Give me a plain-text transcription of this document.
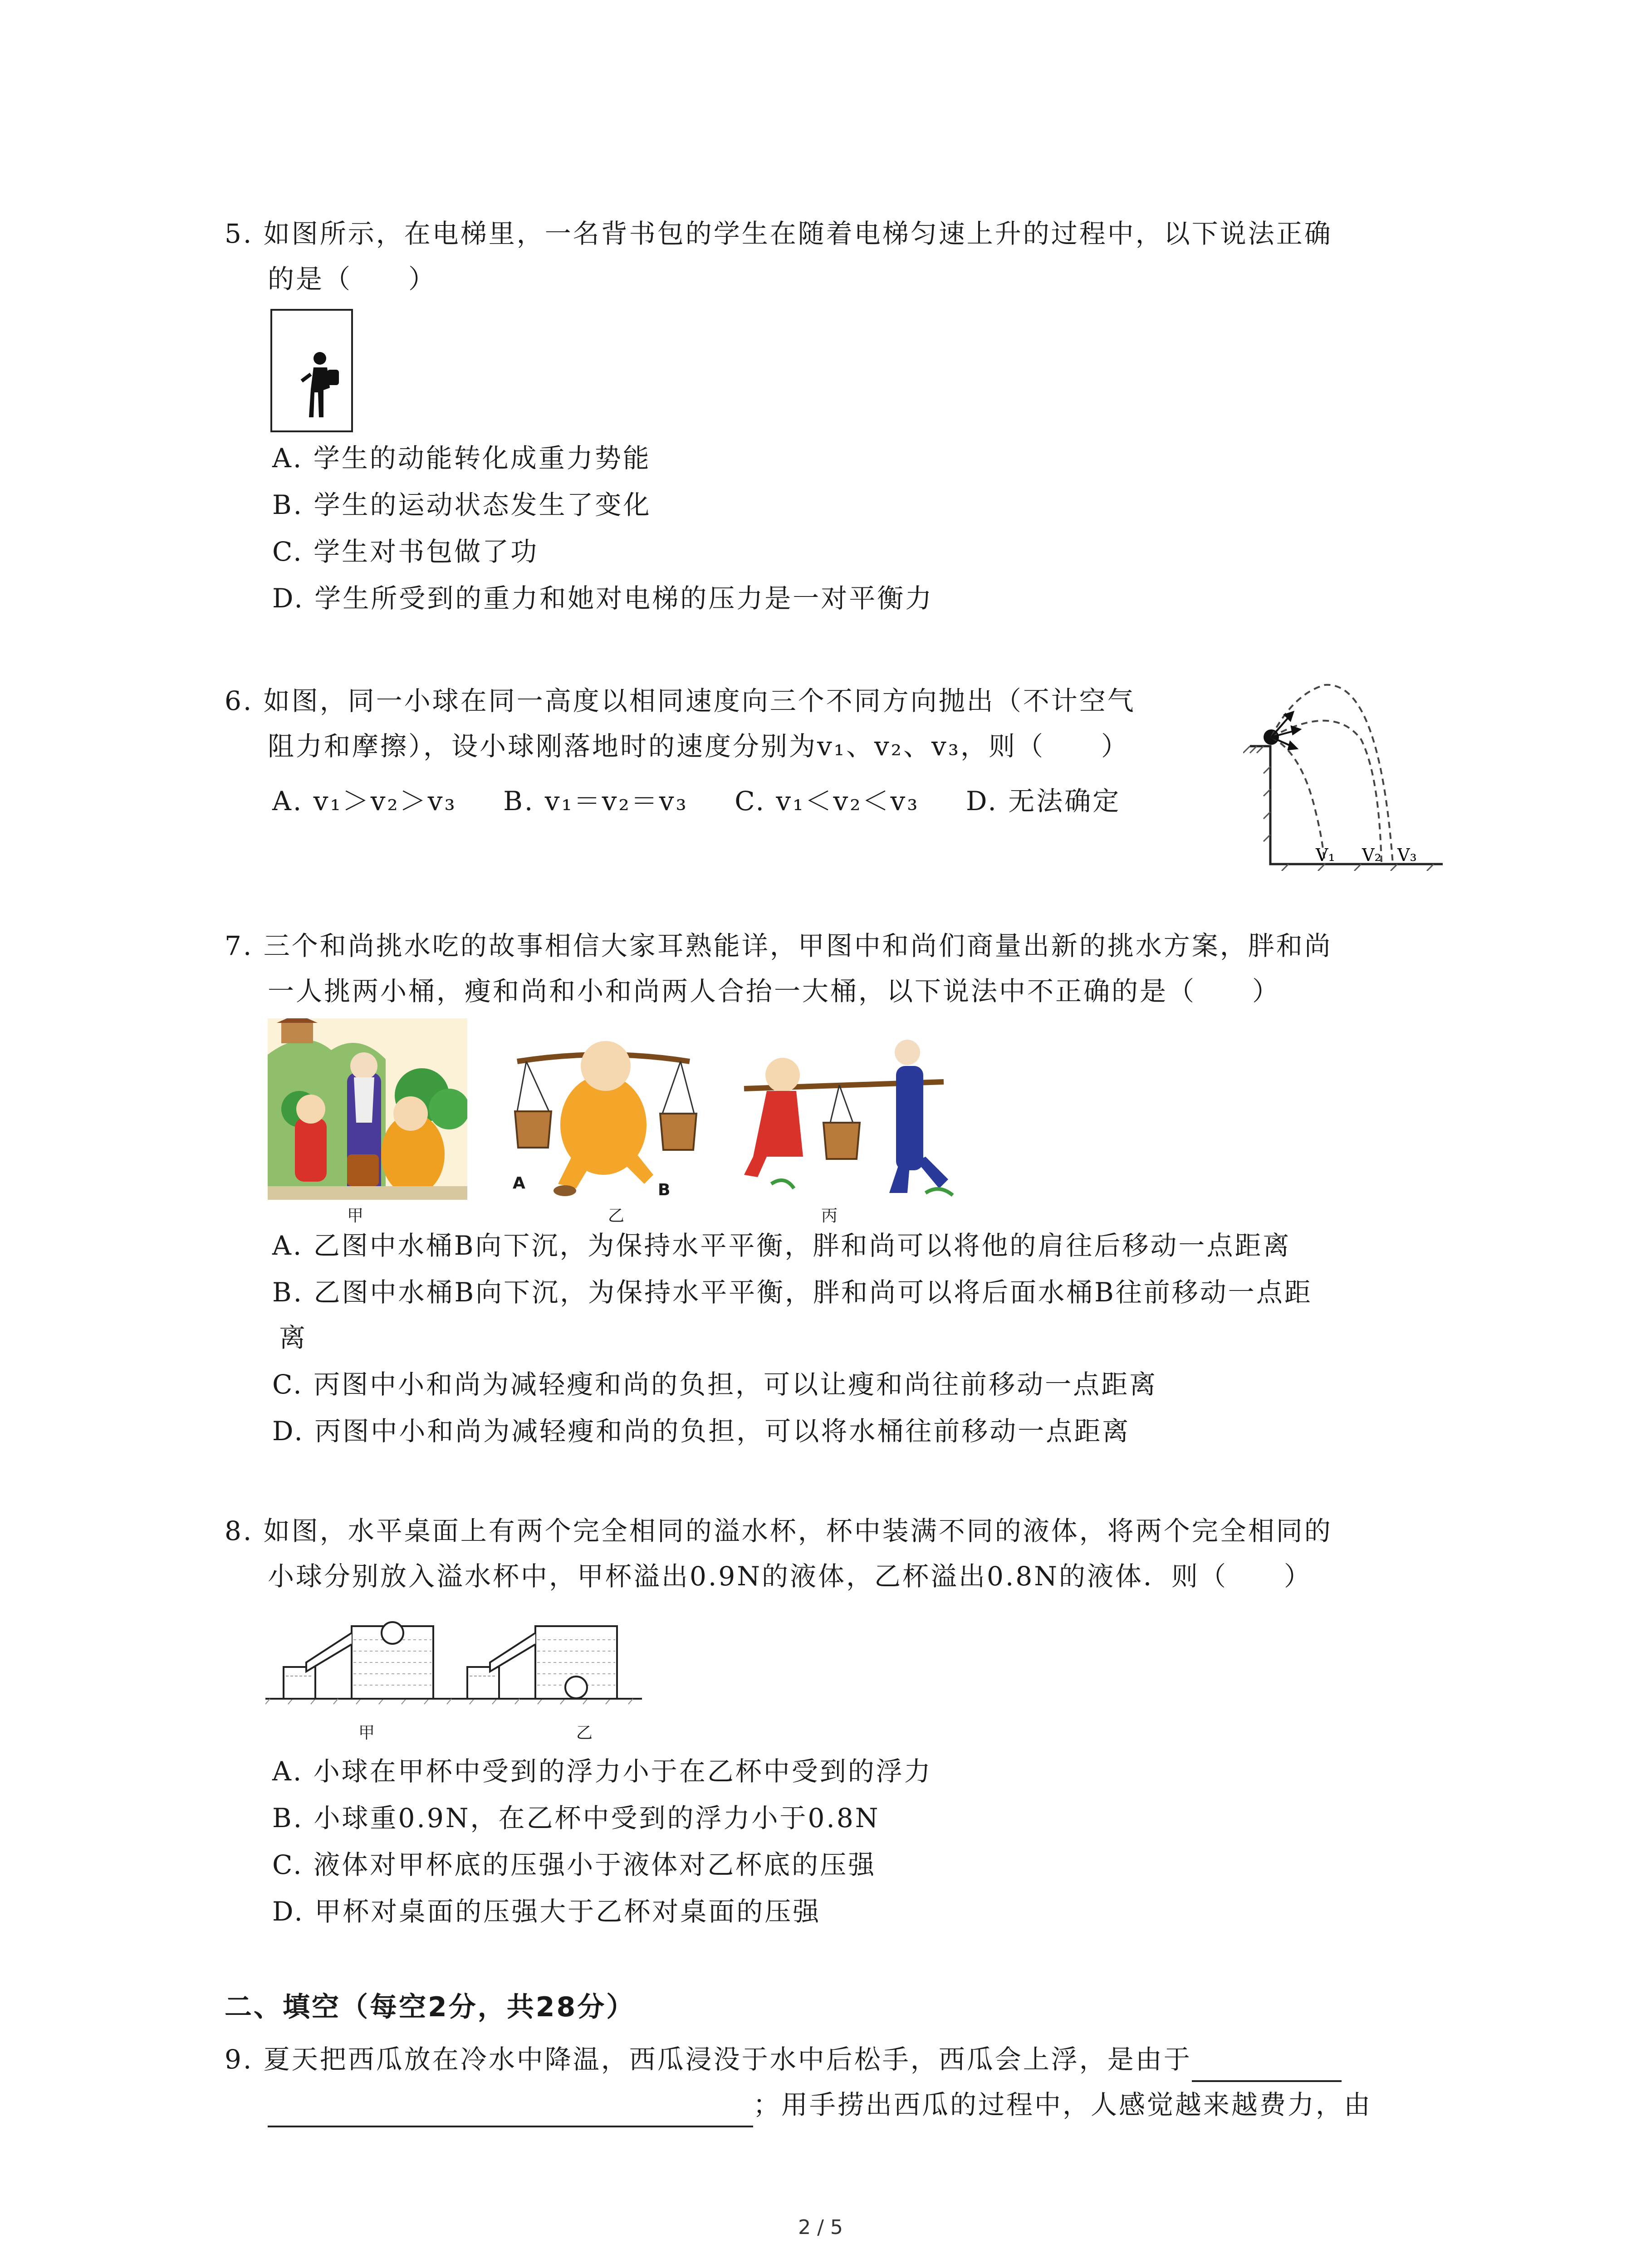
5. 如图所示，在电梯里，一名背书包的学生在随着电梯匀速上升的过程中，以下说法正确
的是（　　）
A. 学生的动能转化成重力势能
B. 学生的运动状态发生了变化
C. 学生对书包做了功
D. 学生所受到的重力和她对电梯的压力是一对平衡力
6. 如图，同一小球在同一高度以相同速度向三个不同方向抛出（不计空气
阻力和摩擦），设小球刚落地时的速度分别为v₁、v₂、v₃，则（　　）
A. v₁＞v₂＞v₃ B. v₁＝v₂＝v₃ C. v₁＜v₂＜v₃ D. 无法确定
V₁ V₂ V₃
7. 三个和尚挑水吃的故事相信大家耳熟能详，甲图中和尚们商量出新的挑水方案，胖和尚
一人挑两小桶，瘦和尚和小和尚两人合抬一大桶，以下说法中不正确的是（　　）
甲
A	B
乙	丙
A. 乙图中水桶B向下沉，为保持水平平衡，胖和尚可以将他的肩往后移动一点距离
B. 乙图中水桶B向下沉，为保持水平平衡，胖和尚可以将后面水桶B往前移动一点距
离
C. 丙图中小和尚为减轻瘦和尚的负担，可以让瘦和尚往前移动一点距离
D. 丙图中小和尚为减轻瘦和尚的负担，可以将水桶往前移动一点距离
8. 如图，水平桌面上有两个完全相同的溢水杯，杯中装满不同的液体，将两个完全相同的
小球分别放入溢水杯中，甲杯溢出0.9N的液体，乙杯溢出0.8N的液体．则（　　）
甲	乙
A. 小球在甲杯中受到的浮力小于在乙杯中受到的浮力
B. 小球重0.9N，在乙杯中受到的浮力小于0.8N
C. 液体对甲杯底的压强小于液体对乙杯底的压强
D. 甲杯对桌面的压强大于乙杯对桌面的压强
二、填空（每空2分，共28分）
9. 夏天把西瓜放在冷水中降温，西瓜浸没于水中后松手，西瓜会上浮，是由于
；用手捞出西瓜的过程中，人感觉越来越费力，由
2 / 5
